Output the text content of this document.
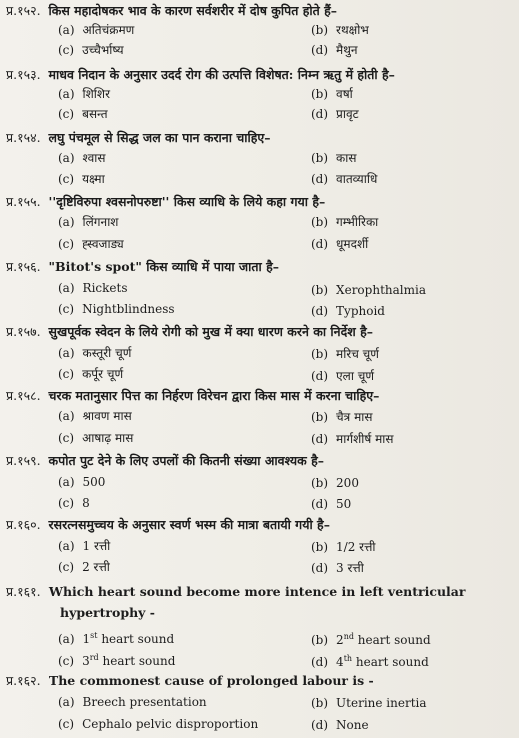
प्र.१५२. किस महादोषकर भाव के कारण सर्वशरीर में दोष कुपित होते हैं–
(a) अतिचंक्रमण	(b) रथक्षोभ
(c) उच्चैर्भाष्य	(d) मैथुन
प्र.१५३. माधव निदान के अनुसार उदर्द रोग की उत्पत्ति विशेषत: निम्न ऋतु में होती है–
(a) शिशिर	(b) वर्षा
(c) बसन्त	(d) प्रावृट
प्र.१५४. लघु पंचमूल से सिद्ध जल का पान कराना चाहिए–
(a) श्वास	(b) कास
(c) यक्ष्मा	(d) वातव्याधि
प्र.१५५. ''दृष्टिविरुपा श्वसनोपरुष्टा'' किस व्याधि के लिये कहा गया है–
(a) लिंगनाश	(b) गम्भीरिका
(c) ह्स्वजाड्य	(d) धूमदर्शी
प्र.१५६. "Bitot's spot" किस व्याधि में पाया जाता है–
(a) Rickets	(b) Xerophthalmia
(c) Nightblindness	(d) Typhoid
प्र.१५७. सुखपूर्वक स्वेदन के लिये रोगी को मुख में क्या धारण करने का निर्देश है–
(a) कस्तूरी चूर्ण	(b) मरिच चूर्ण
(c) कर्पूर चूर्ण	(d) एला चूर्ण
प्र.१५८. चरक मतानुसार पित्त का निर्हरण विरेचन द्वारा किस मास में करना चाहिए–
(a) श्रावण मास	(b) चैत्र मास
(c) आषाढ़ मास	(d) मार्गशीर्ष मास
प्र.१५९. कपोत पुट देने के लिए उपलों की कितनी संख्या आवश्यक है–
(a) 500	(b) 200
(c) 8	(d) 50
प्र.१६०. रसरत्नसमुच्चय के अनुसार स्वर्ण भस्म की मात्रा बतायी गयी है–
(a) 1 रत्ती	(b) 1/2 रत्ती
(c) 2 रत्ती	(d) 3 रत्ती
प्र.१६१. Which heart sound become more intence in left ventricular
hypertrophy -
(a) 1st heart sound	(b) 2nd heart sound
(c) 3rd heart sound	(d) 4th heart sound
प्र.१६२. The commonest cause of prolonged labour is -
(a) Breech presentation	(b) Uterine inertia
(c) Cephalo pelvic disproportion	(d) None
